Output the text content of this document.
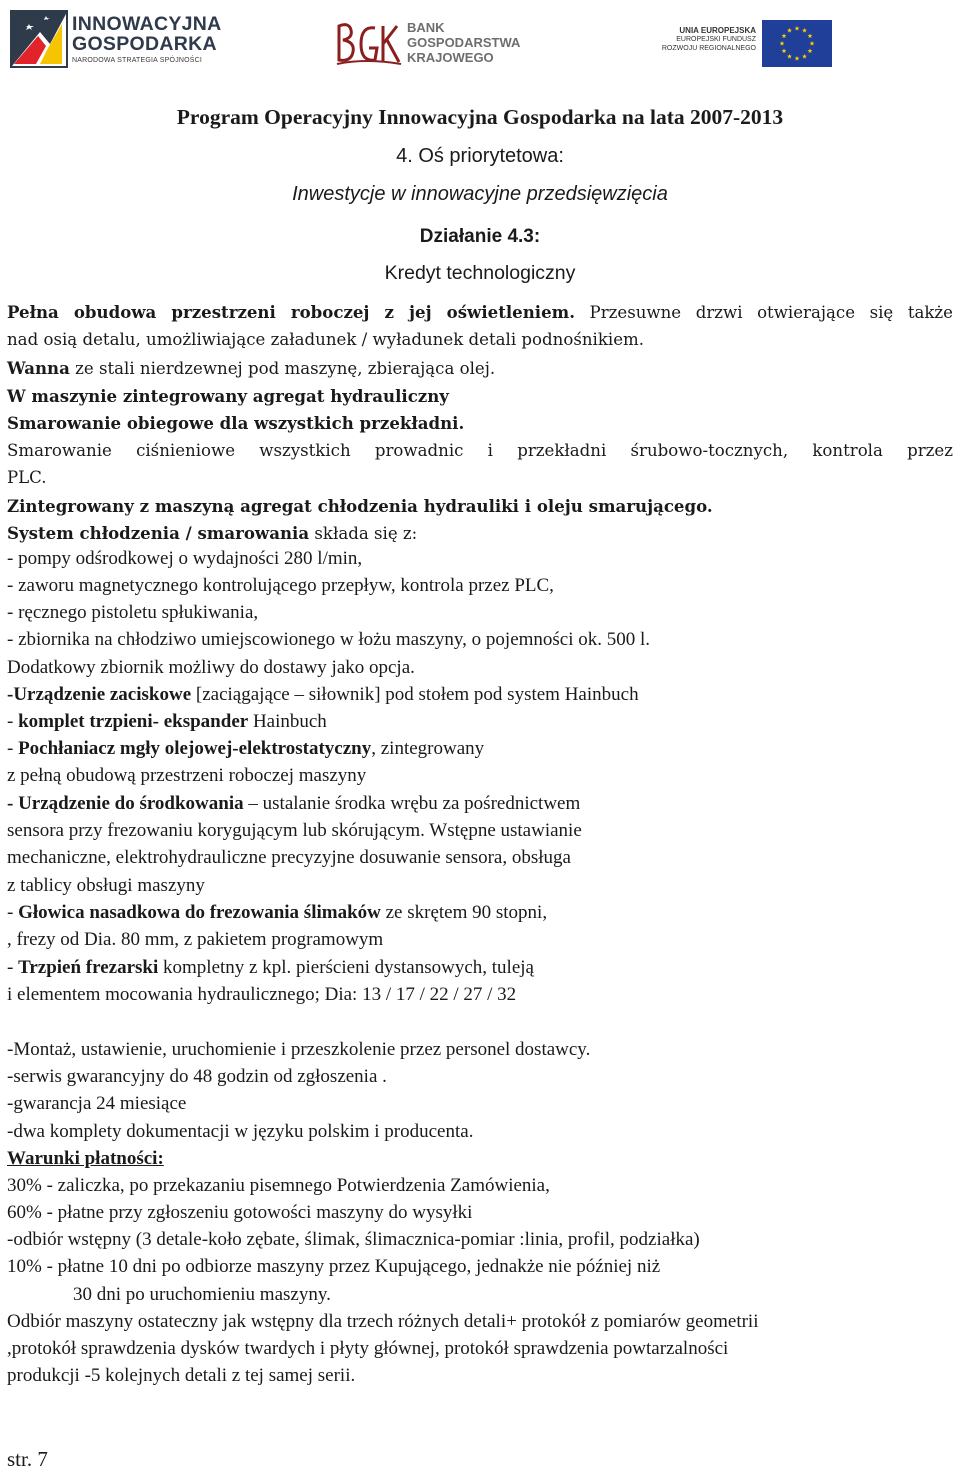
INNOWACYJNA
GOSPODARKA
NARODOWA STRATEGIA SPÓJNOŚCI
BANK
GOSPODARSTWA
KRAJOWEGO
UNIA EUROPEJSKA
EUROPEJSKI FUNDUSZ
ROZWOJU REGIONALNEGO
Program Operacyjny Innowacyjna Gospodarka na lata 2007-2013
4. Oś priorytetowa:
Inwestycje w innowacyjne przedsięwzięcia
Działanie 4.3:
Kredyt technologiczny
Pełna obudowa przestrzeni roboczej z jej oświetleniem. Przesuwne drzwi otwierające się także
nad osią detalu, umożliwiające załadunek / wyładunek detali podnośnikiem.
Wanna ze stali nierdzewnej pod maszynę, zbierająca olej.
W maszynie zintegrowany agregat hydrauliczny
Smarowanie obiegowe dla wszystkich przekładni.
Smarowanie ciśnieniowe wszystkich prowadnic i przekładni śrubowo-tocznych, kontrola przez
PLC.
Zintegrowany z maszyną agregat chłodzenia hydrauliki i oleju smarującego.
System chłodzenia / smarowania składa się z:
- pompy odśrodkowej o wydajności 280 l/min,
- zaworu magnetycznego kontrolującego przepływ, kontrola przez PLC,
- ręcznego pistoletu spłukiwania,
- zbiornika na chłodziwo umiejscowionego w łożu maszyny, o pojemności ok. 500 l.
Dodatkowy zbiornik możliwy do dostawy jako opcja.
-Urządzenie zaciskowe [zaciągające – siłownik] pod stołem pod system Hainbuch
- komplet trzpieni- ekspander Hainbuch
- Pochłaniacz mgły olejowej-elektrostatyczny, zintegrowany
z pełną obudową przestrzeni roboczej maszyny
- Urządzenie do środkowania – ustalanie środka wrębu za pośrednictwem
sensora przy frezowaniu korygującym lub skórującym. Wstępne ustawianie
mechaniczne, elektrohydrauliczne precyzyjne dosuwanie sensora, obsługa
z tablicy obsługi maszyny
- Głowica nasadkowa do frezowania ślimaków ze skrętem 90 stopni,
, frezy od Dia. 80 mm, z pakietem programowym
- Trzpień frezarski kompletny z kpl. pierścieni dystansowych, tuleją
i elementem mocowania hydraulicznego; Dia: 13 / 17 / 22 / 27 / 32
-Montaż, ustawienie, uruchomienie i przeszkolenie przez personel dostawcy.
-serwis gwarancyjny do 48 godzin od zgłoszenia .
-gwarancja 24 miesiące
-dwa komplety dokumentacji w języku polskim i producenta.
Warunki płatności:
30% - zaliczka, po przekazaniu pisemnego Potwierdzenia Zamówienia,
60% - płatne przy zgłoszeniu gotowości maszyny do wysyłki
-odbiór wstępny (3 detale-koło zębate, ślimak, ślimacznica-pomiar :linia, profil, podziałka)
10% - płatne 10 dni po odbiorze maszyny przez Kupującego, jednakże nie później niż
30 dni po uruchomieniu maszyny.
Odbiór maszyny ostateczny jak wstępny dla trzech różnych detali+ protokół z pomiarów geometrii
,protokół sprawdzenia dysków twardych i płyty głównej, protokół sprawdzenia powtarzalności
produkcji -5 kolejnych detali z tej samej serii.
str. 7
